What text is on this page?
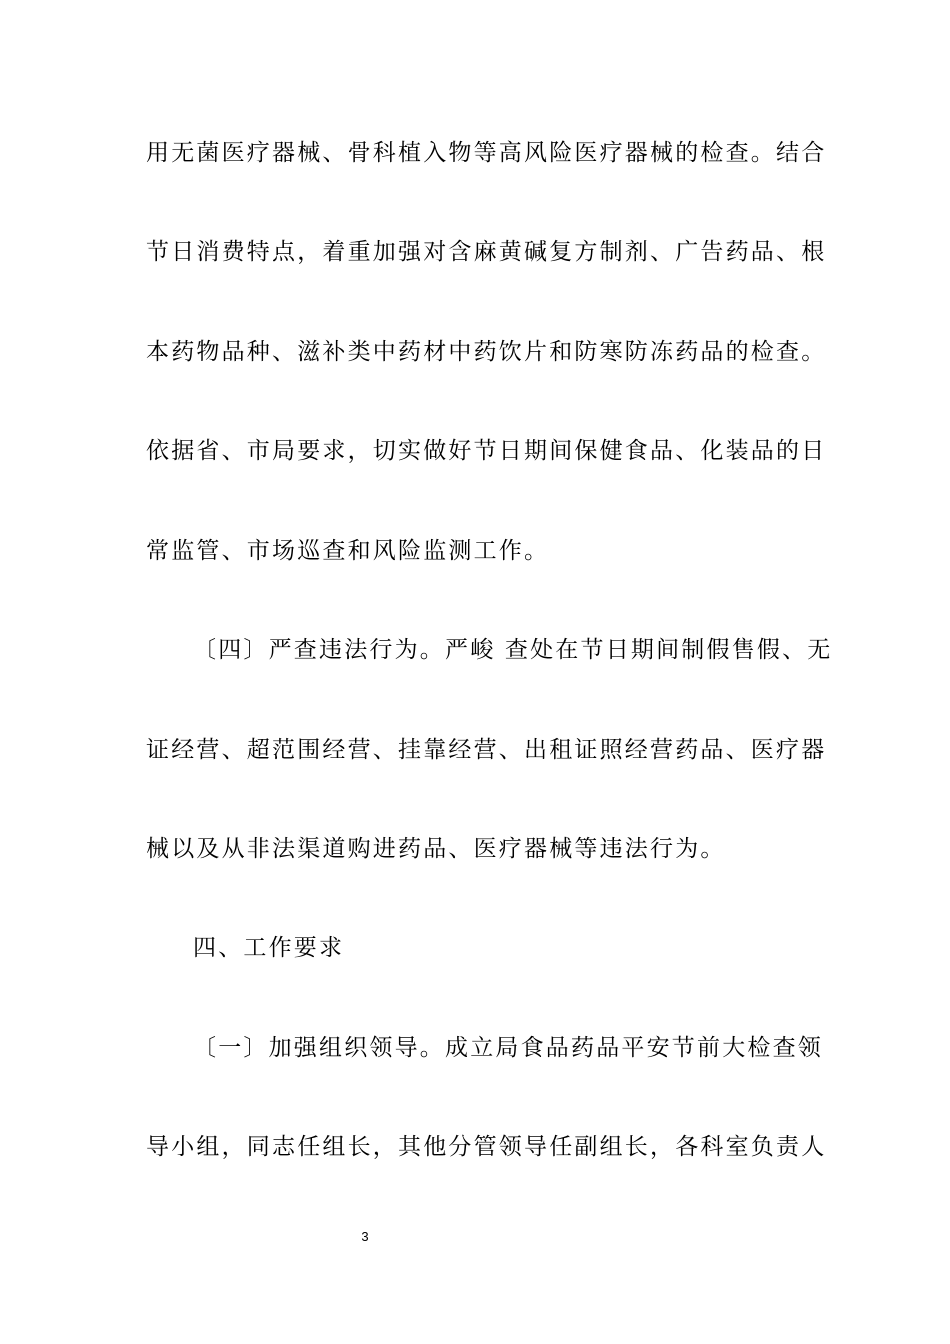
用无菌医疗器械、骨科植入物等高风险医疗器械的检查。结合
节日消费特点，着重加强对含麻黄碱复方制剂、广告药品、根
本药物品种、滋补类中药材中药饮片和防寒防冻药品的检查。
依据省、市局要求，切实做好节日期间保健食品、化装品的日
常监管、市场巡查和风险监测工作。
〔四〕严查违法行为。严峻 查处在节日期间制假售假、无
证经营、超范围经营、挂靠经营、出租证照经营药品、医疗器
械以及从非法渠道购进药品、医疗器械等违法行为。
四、工作要求
〔一〕加强组织领导。成立局食品药品平安节前大检查领
导小组，同志任组长，其他分管领导任副组长，各科室负责人
3
